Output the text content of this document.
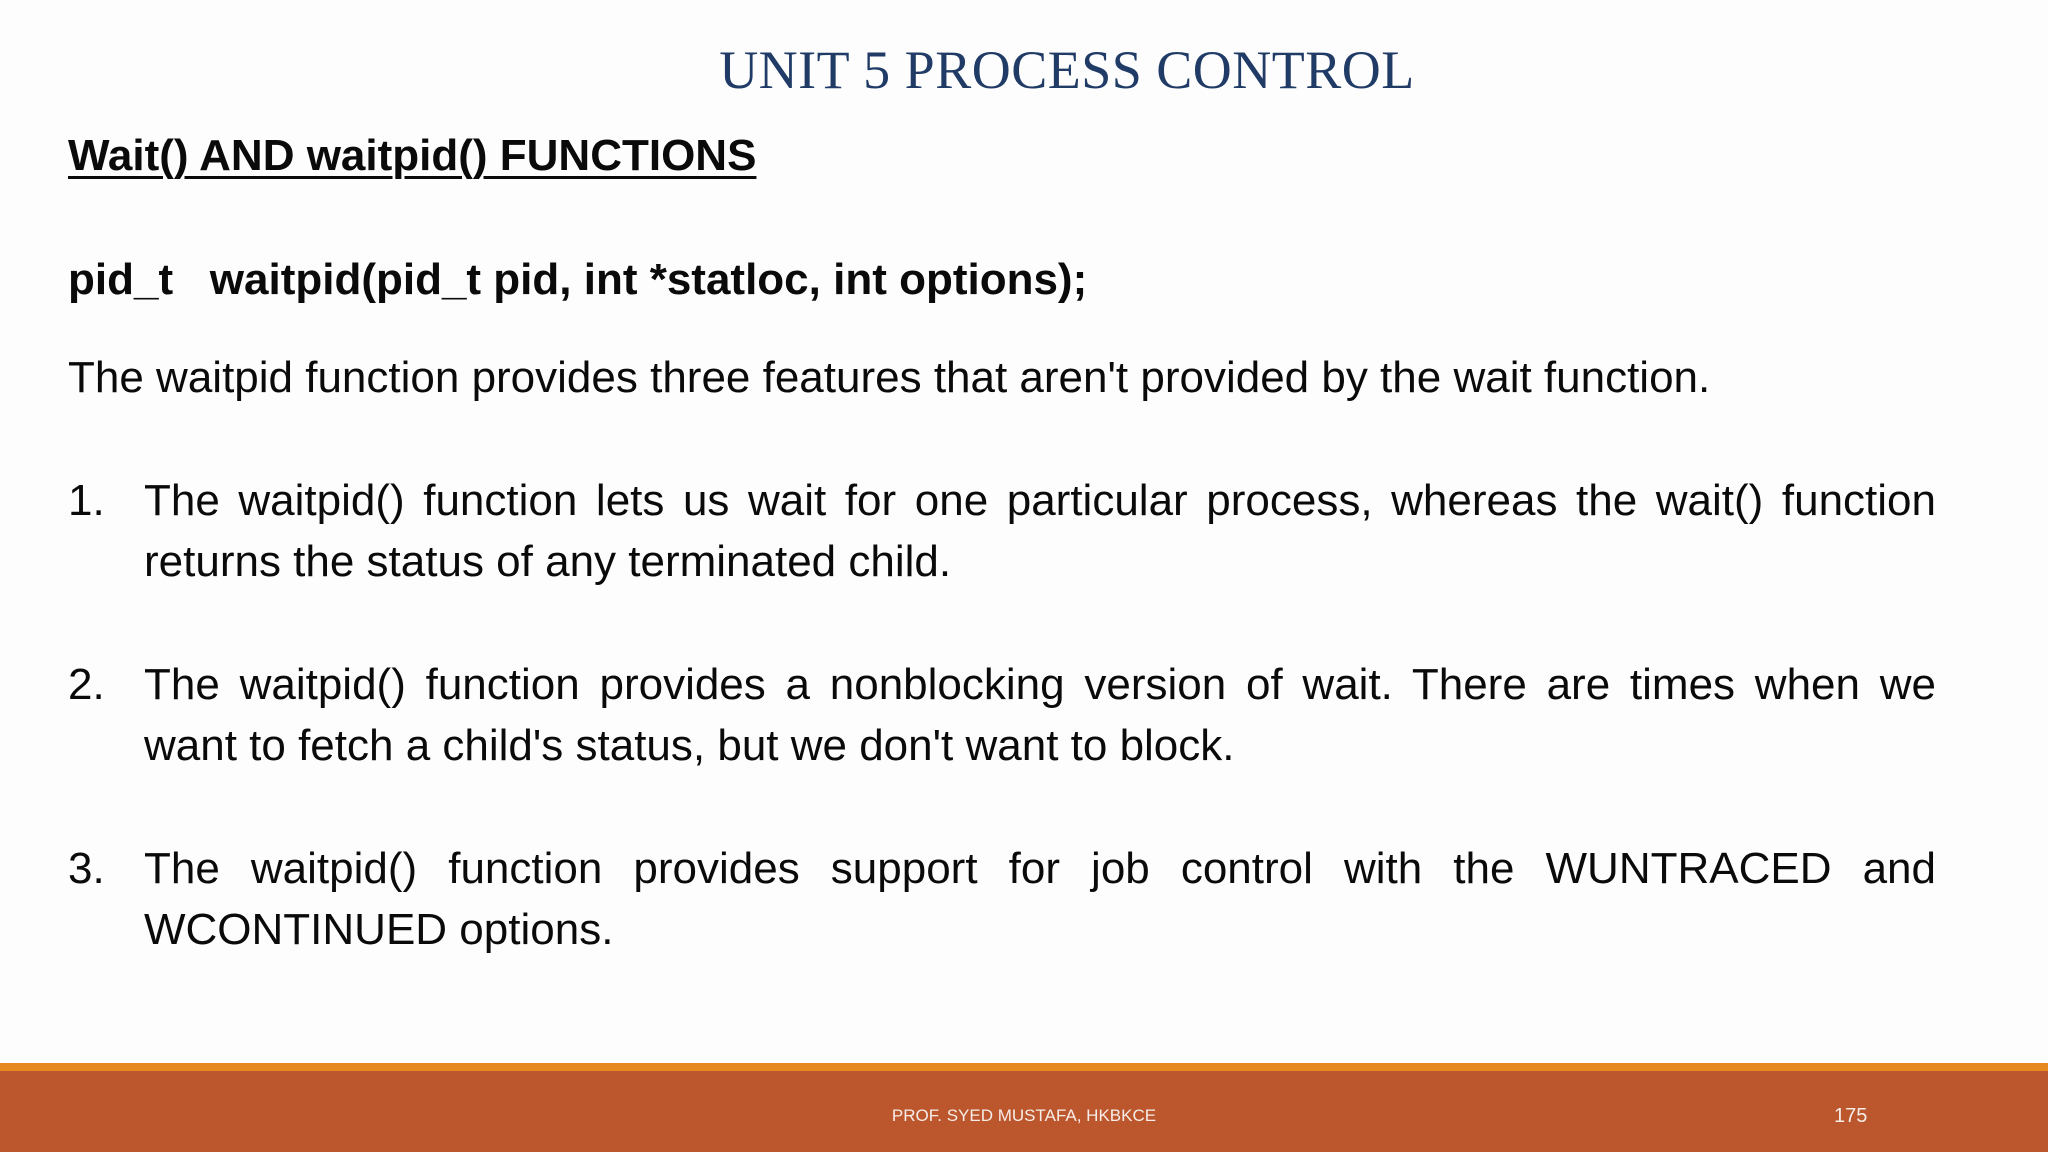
UNIT 5 PROCESS CONTROL
Wait() AND waitpid() FUNCTIONS
pid_t   waitpid(pid_t pid, int *statloc, int options);
The waitpid function provides three features that aren't provided by the wait function.
1. The waitpid() function lets us wait for one particular process, whereas the wait() function returns the status of any terminated child.
2. The waitpid() function provides a nonblocking version of wait. There are times when we want to fetch a child's status, but we don't want to block.
3. The waitpid() function provides support for job control with the WUNTRACED and WCONTINUED options.
PROF. SYED MUSTAFA, HKBKCE	175
